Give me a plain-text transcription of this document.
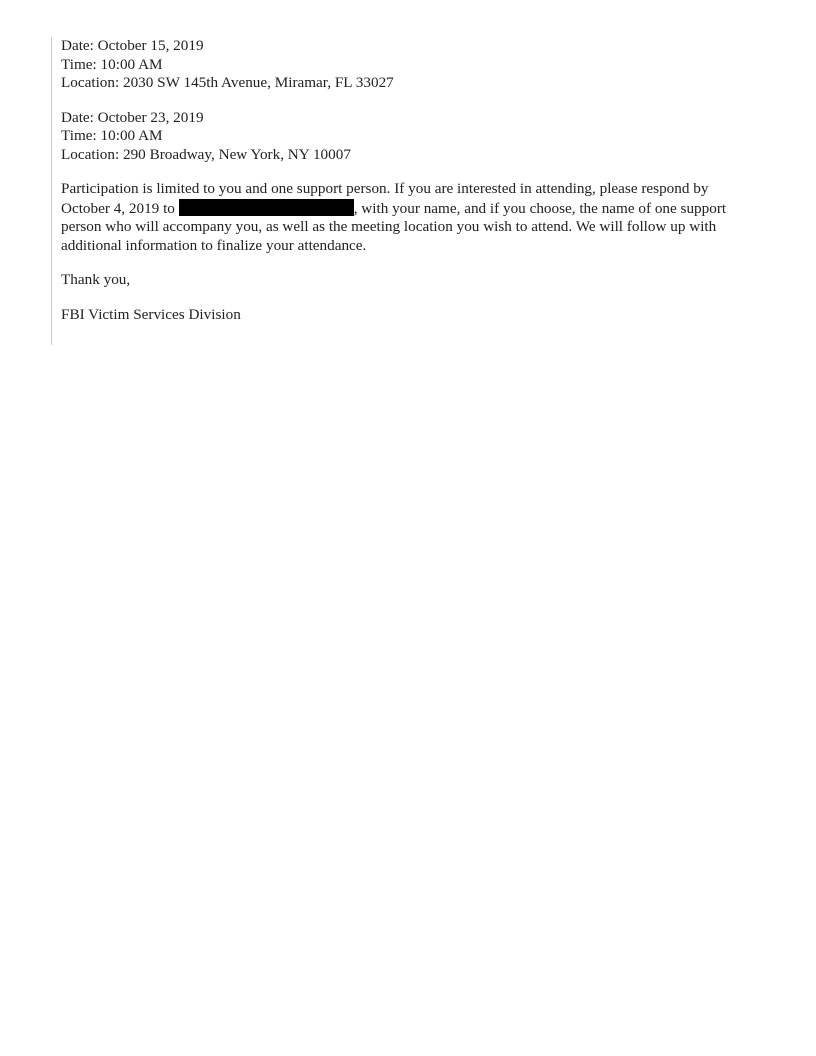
Date: October 15, 2019
Time: 10:00 AM
Location: 2030 SW 145th Avenue, Miramar, FL 33027
Date: October 23, 2019
Time: 10:00 AM
Location: 290 Broadway, New York, NY 10007

Participation is limited to you and one support person. If you are interested in attending, please respond by October 4, 2019 to	, with your name, and if you choose, the name of one support person who will accompany you, as well as the meeting location you wish to attend. We will follow up with additional information to finalize your attendance.

Thank you,

FBI Victim Services Division
